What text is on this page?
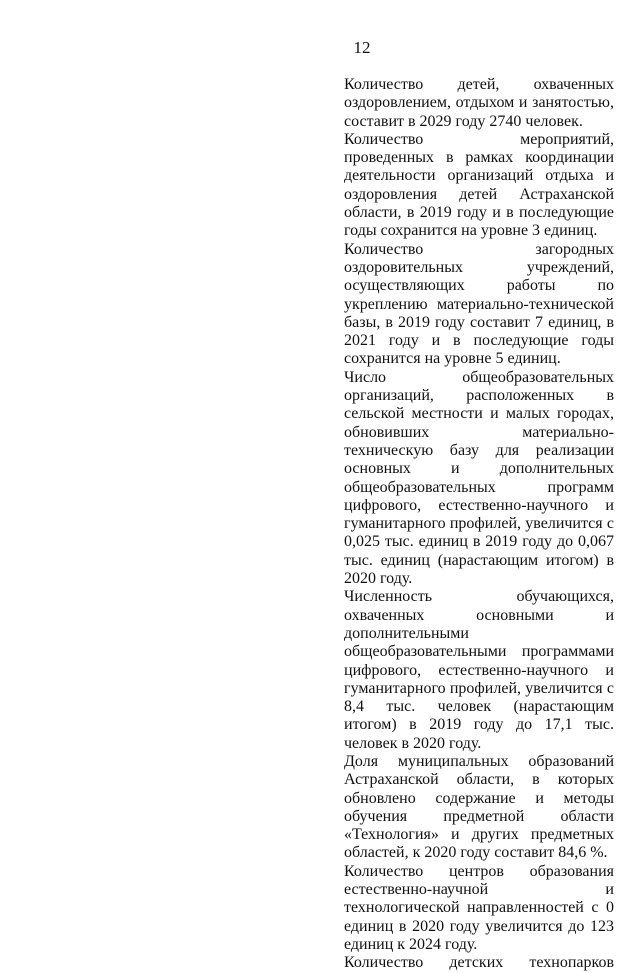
12

Количество детей, охваченных оздоровлением, отдыхом и занятостью, составит в 2029 году 2740 человек.

Количество мероприятий, проведенных в рамках координации деятельности организаций отдыха и оздоровления детей Астраханской области, в 2019 году и в последующие годы сохранится на уровне 3 единиц.

Количество загородных оздоровительных учреждений, осуществляющих работы по укреплению материально-технической базы, в 2019 году составит 7 единиц, в 2021 году и в последующие годы сохранится на уровне 5 единиц.

Число общеобразовательных организаций, расположенных в сельской местности и малых городах, обновивших материально-техническую базу для реализации основных и дополнительных общеобразовательных программ цифрового, естественно-научного и гуманитарного профилей, увеличится с 0,025 тыс. единиц в 2019 году до 0,067 тыс. единиц (нарастающим итогом) в 2020 году.

Численность обучающихся, охваченных основными и дополнительными общеобразовательными программами цифрового, естественно-научного и гуманитарного профилей, увеличится с 8,4 тыс. человек (нарастающим итогом) в 2019 году до 17,1 тыс. человек в 2020 году.

Доля муниципальных образований Астраханской области, в которых обновлено содержание и методы обучения предметной области «Технология» и других предметных областей, к 2020 году составит 84,6 %.

Количество центров образования естественно-научной и технологической направленностей с 0 единиц в 2020 году увеличится до 123 единиц к 2024 году.

Количество детских технопарков
